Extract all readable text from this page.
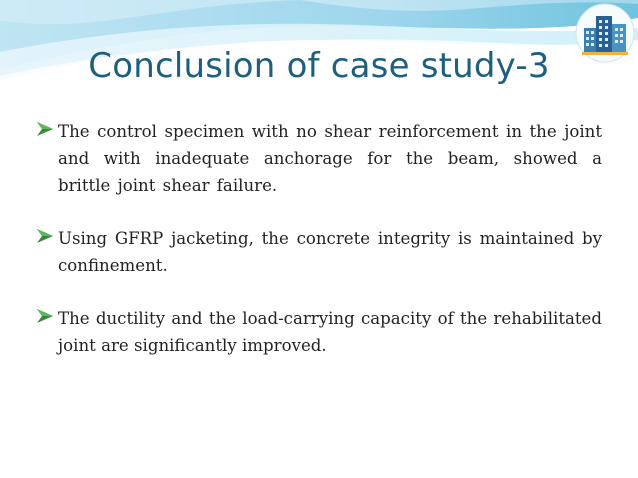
Conclusion of case study-3
The control specimen with no shear reinforcement in the joint and with inadequate anchorage for the beam, showed a brittle joint shear failure.
Using GFRP jacketing, the concrete integrity is maintained by confinement.
The ductility and the load-carrying capacity of the rehabilitated joint are significantly improved.
